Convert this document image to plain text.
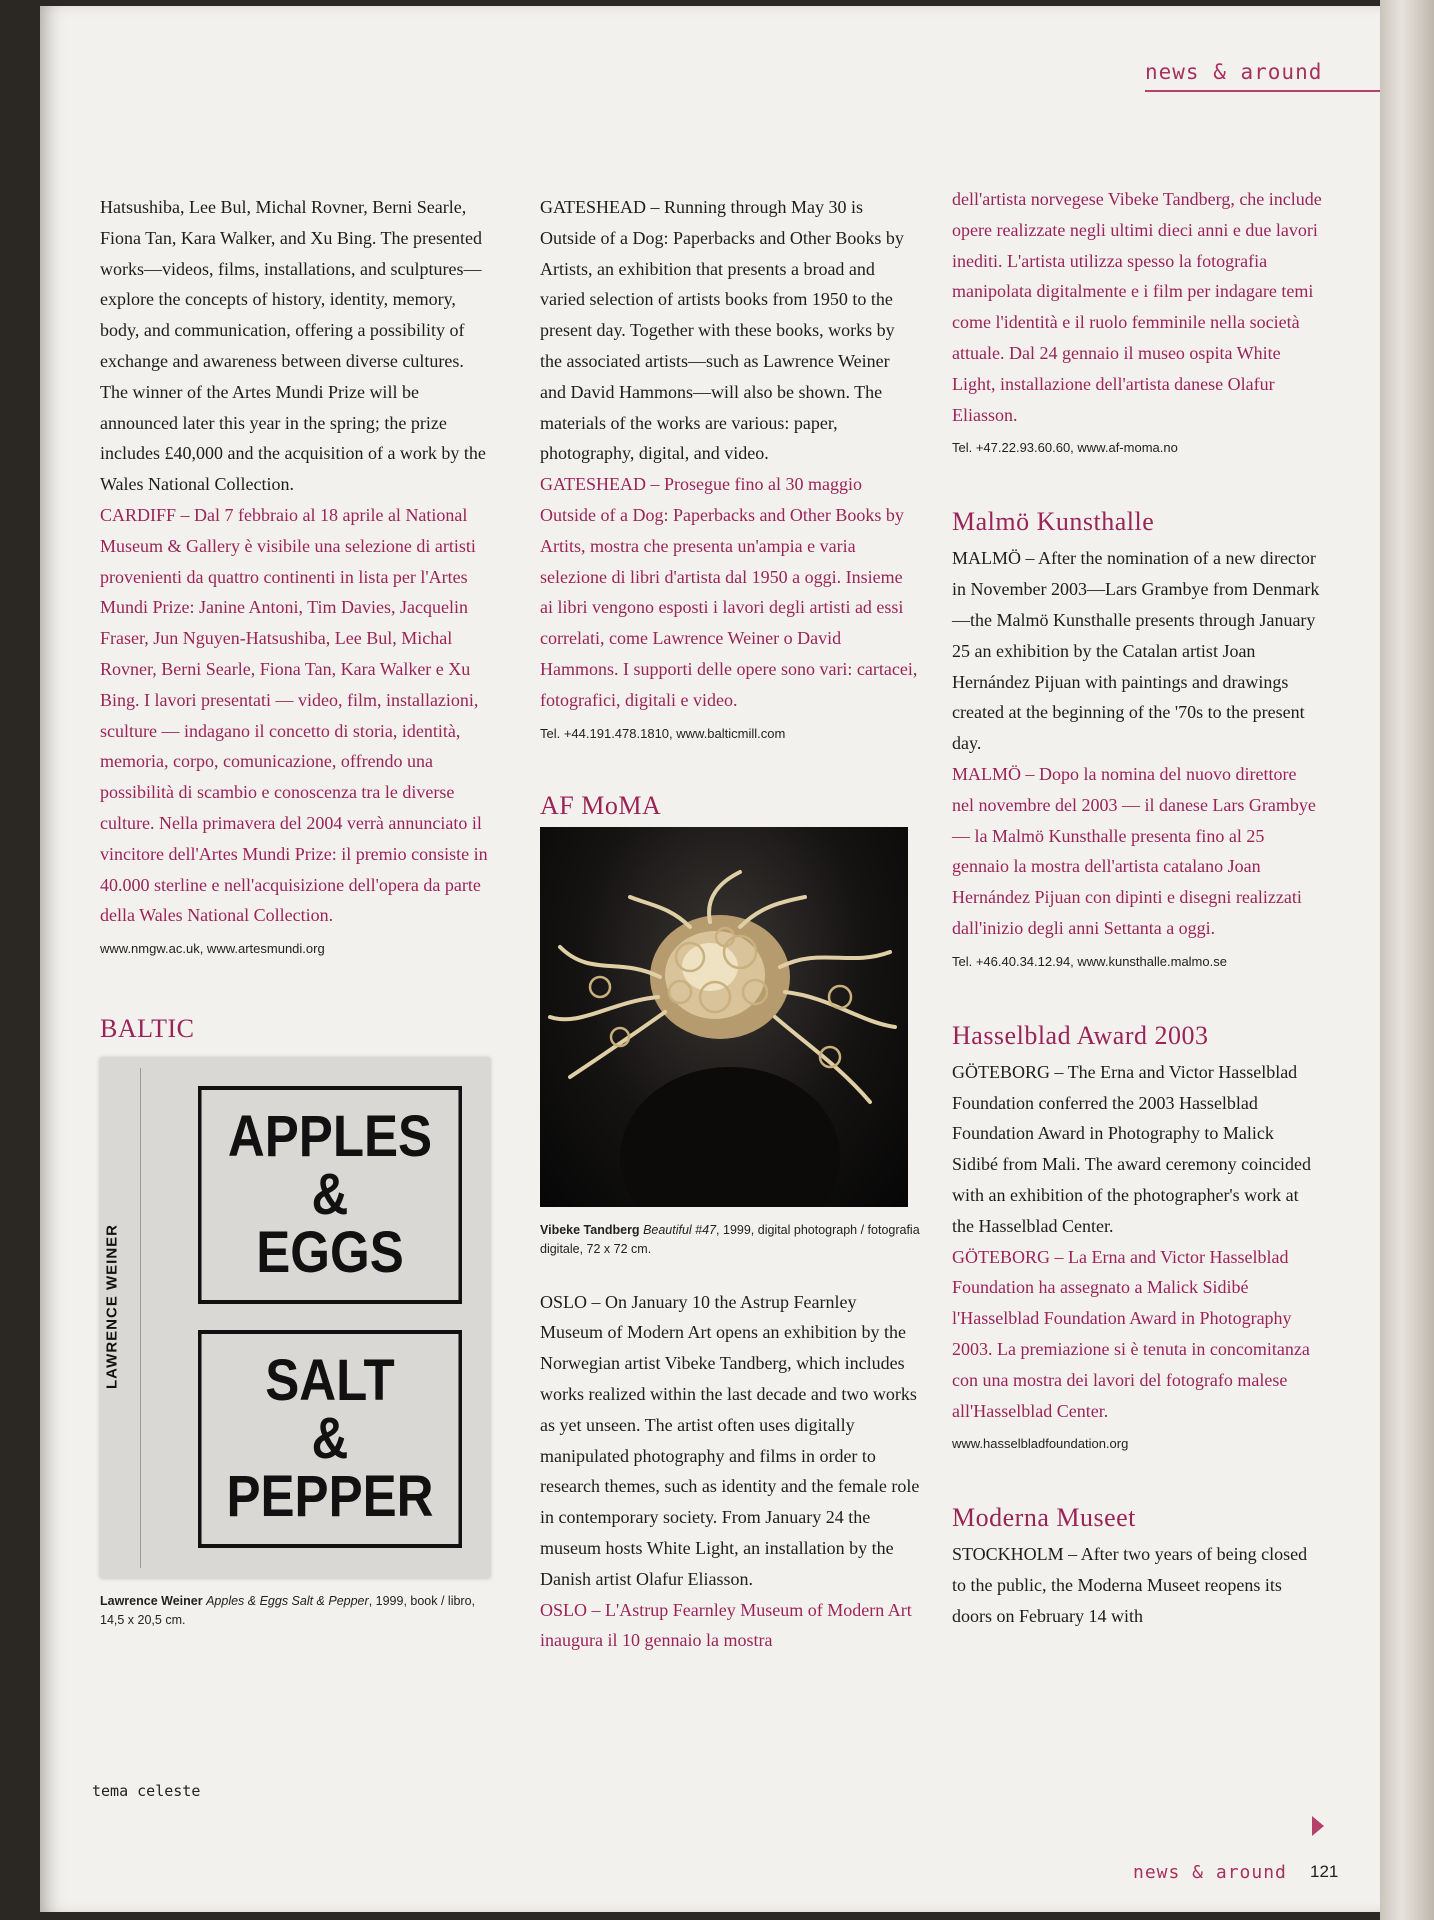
news & around

Hatsushiba, Lee Bul, Michal Rovner, Berni Searle, Fiona Tan, Kara Walker, and Xu Bing. The presented works—videos, films, installations, and sculptures—explore the concepts of history, identity, memory, body, and communication, offering a possibility of exchange and awareness between diverse cultures. The winner of the Artes Mundi Prize will be announced later this year in the spring; the prize includes £40,000 and the acquisition of a work by the Wales National Collection.

CARDIFF – Dal 7 febbraio al 18 aprile al National Museum & Gallery è visibile una selezione di artisti provenienti da quattro continenti in lista per l'Artes Mundi Prize: Janine Antoni, Tim Davies, Jacquelin Fraser, Jun Nguyen-Hatsushiba, Lee Bul, Michal Rovner, Berni Searle, Fiona Tan, Kara Walker e Xu Bing. I lavori presentati — video, film, installazioni, sculture — indagano il concetto di storia, identità, memoria, corpo, comunicazione, offrendo una possibilità di scambio e conoscenza tra le diverse culture. Nella primavera del 2004 verrà annunciato il vincitore dell'Artes Mundi Prize: il premio consiste in 40.000 sterline e nell'acquisizione dell'opera da parte della Wales National Collection.

www.nmgw.ac.uk, www.artesmundi.org

BALTIC
LAWRENCE WEINER
APPLES
&
EGGS
SALT
&
PEPPER

Lawrence Weiner Apples & Eggs Salt & Pepper, 1999, book / libro, 14,5 x 20,5 cm.

GATESHEAD – Running through May 30 is Outside of a Dog: Paperbacks and Other Books by Artists, an exhibition that presents a broad and varied selection of artists books from 1950 to the present day. Together with these books, works by the associated artists—such as Lawrence Weiner and David Hammons—will also be shown. The materials of the works are various: paper, photography, digital, and video.

GATESHEAD – Prosegue fino al 30 maggio Outside of a Dog: Paperbacks and Other Books by Artits, mostra che presenta un'ampia e varia selezione di libri d'artista dal 1950 a oggi. Insieme ai libri vengono esposti i lavori degli artisti ad essi correlati, come Lawrence Weiner o David Hammons. I supporti delle opere sono vari: cartacei, fotografici, digitali e video.

Tel. +44.191.478.1810, www.balticmill.com

AF MoMA

Vibeke Tandberg Beautiful #47, 1999, digital photograph / fotografia digitale, 72 x 72 cm.

OSLO – On January 10 the Astrup Fearnley Museum of Modern Art opens an exhibition by the Norwegian artist Vibeke Tandberg, which includes works realized within the last decade and two works as yet unseen. The artist often uses digitally manipulated photography and films in order to research themes, such as identity and the female role in contemporary society. From January 24 the museum hosts White Light, an installation by the Danish artist Olafur Eliasson.

OSLO – L'Astrup Fearnley Museum of Modern Art inaugura il 10 gennaio la mostra

dell'artista norvegese Vibeke Tandberg, che include opere realizzate negli ultimi dieci anni e due lavori inediti. L'artista utilizza spesso la fotografia manipolata digitalmente e i film per indagare temi come l'identità e il ruolo femminile nella società attuale. Dal 24 gennaio il museo ospita White Light, installazione dell'artista danese Olafur Eliasson.

Tel. +47.22.93.60.60, www.af-moma.no

Malmö Kunsthalle

MALMÖ – After the nomination of a new director in November 2003—Lars Grambye from Denmark—the Malmö Kunsthalle presents through January 25 an exhibition by the Catalan artist Joan Hernández Pijuan with paintings and drawings created at the beginning of the '70s to the present day.

MALMÖ – Dopo la nomina del nuovo direttore nel novembre del 2003 — il danese Lars Grambye — la Malmö Kunsthalle presenta fino al 25 gennaio la mostra dell'artista catalano Joan Hernández Pijuan con dipinti e disegni realizzati dall'inizio degli anni Settanta a oggi.

Tel. +46.40.34.12.94, www.kunsthalle.malmo.se

Hasselblad Award 2003

GÖTEBORG – The Erna and Victor Hasselblad Foundation conferred the 2003 Hasselblad Foundation Award in Photography to Malick Sidibé from Mali. The award ceremony coincided with an exhibition of the photographer's work at the Hasselblad Center.

GÖTEBORG – La Erna and Victor Hasselblad Foundation ha assegnato a Malick Sidibé l'Hasselblad Foundation Award in Photography 2003. La premiazione si è tenuta in concomitanza con una mostra dei lavori del fotografo malese all'Hasselblad Center.

www.hasselbladfoundation.org

Moderna Museet

STOCKHOLM – After two years of being closed to the public, the Moderna Museet reopens its doors on February 14 with

tema celeste
news & around 121
